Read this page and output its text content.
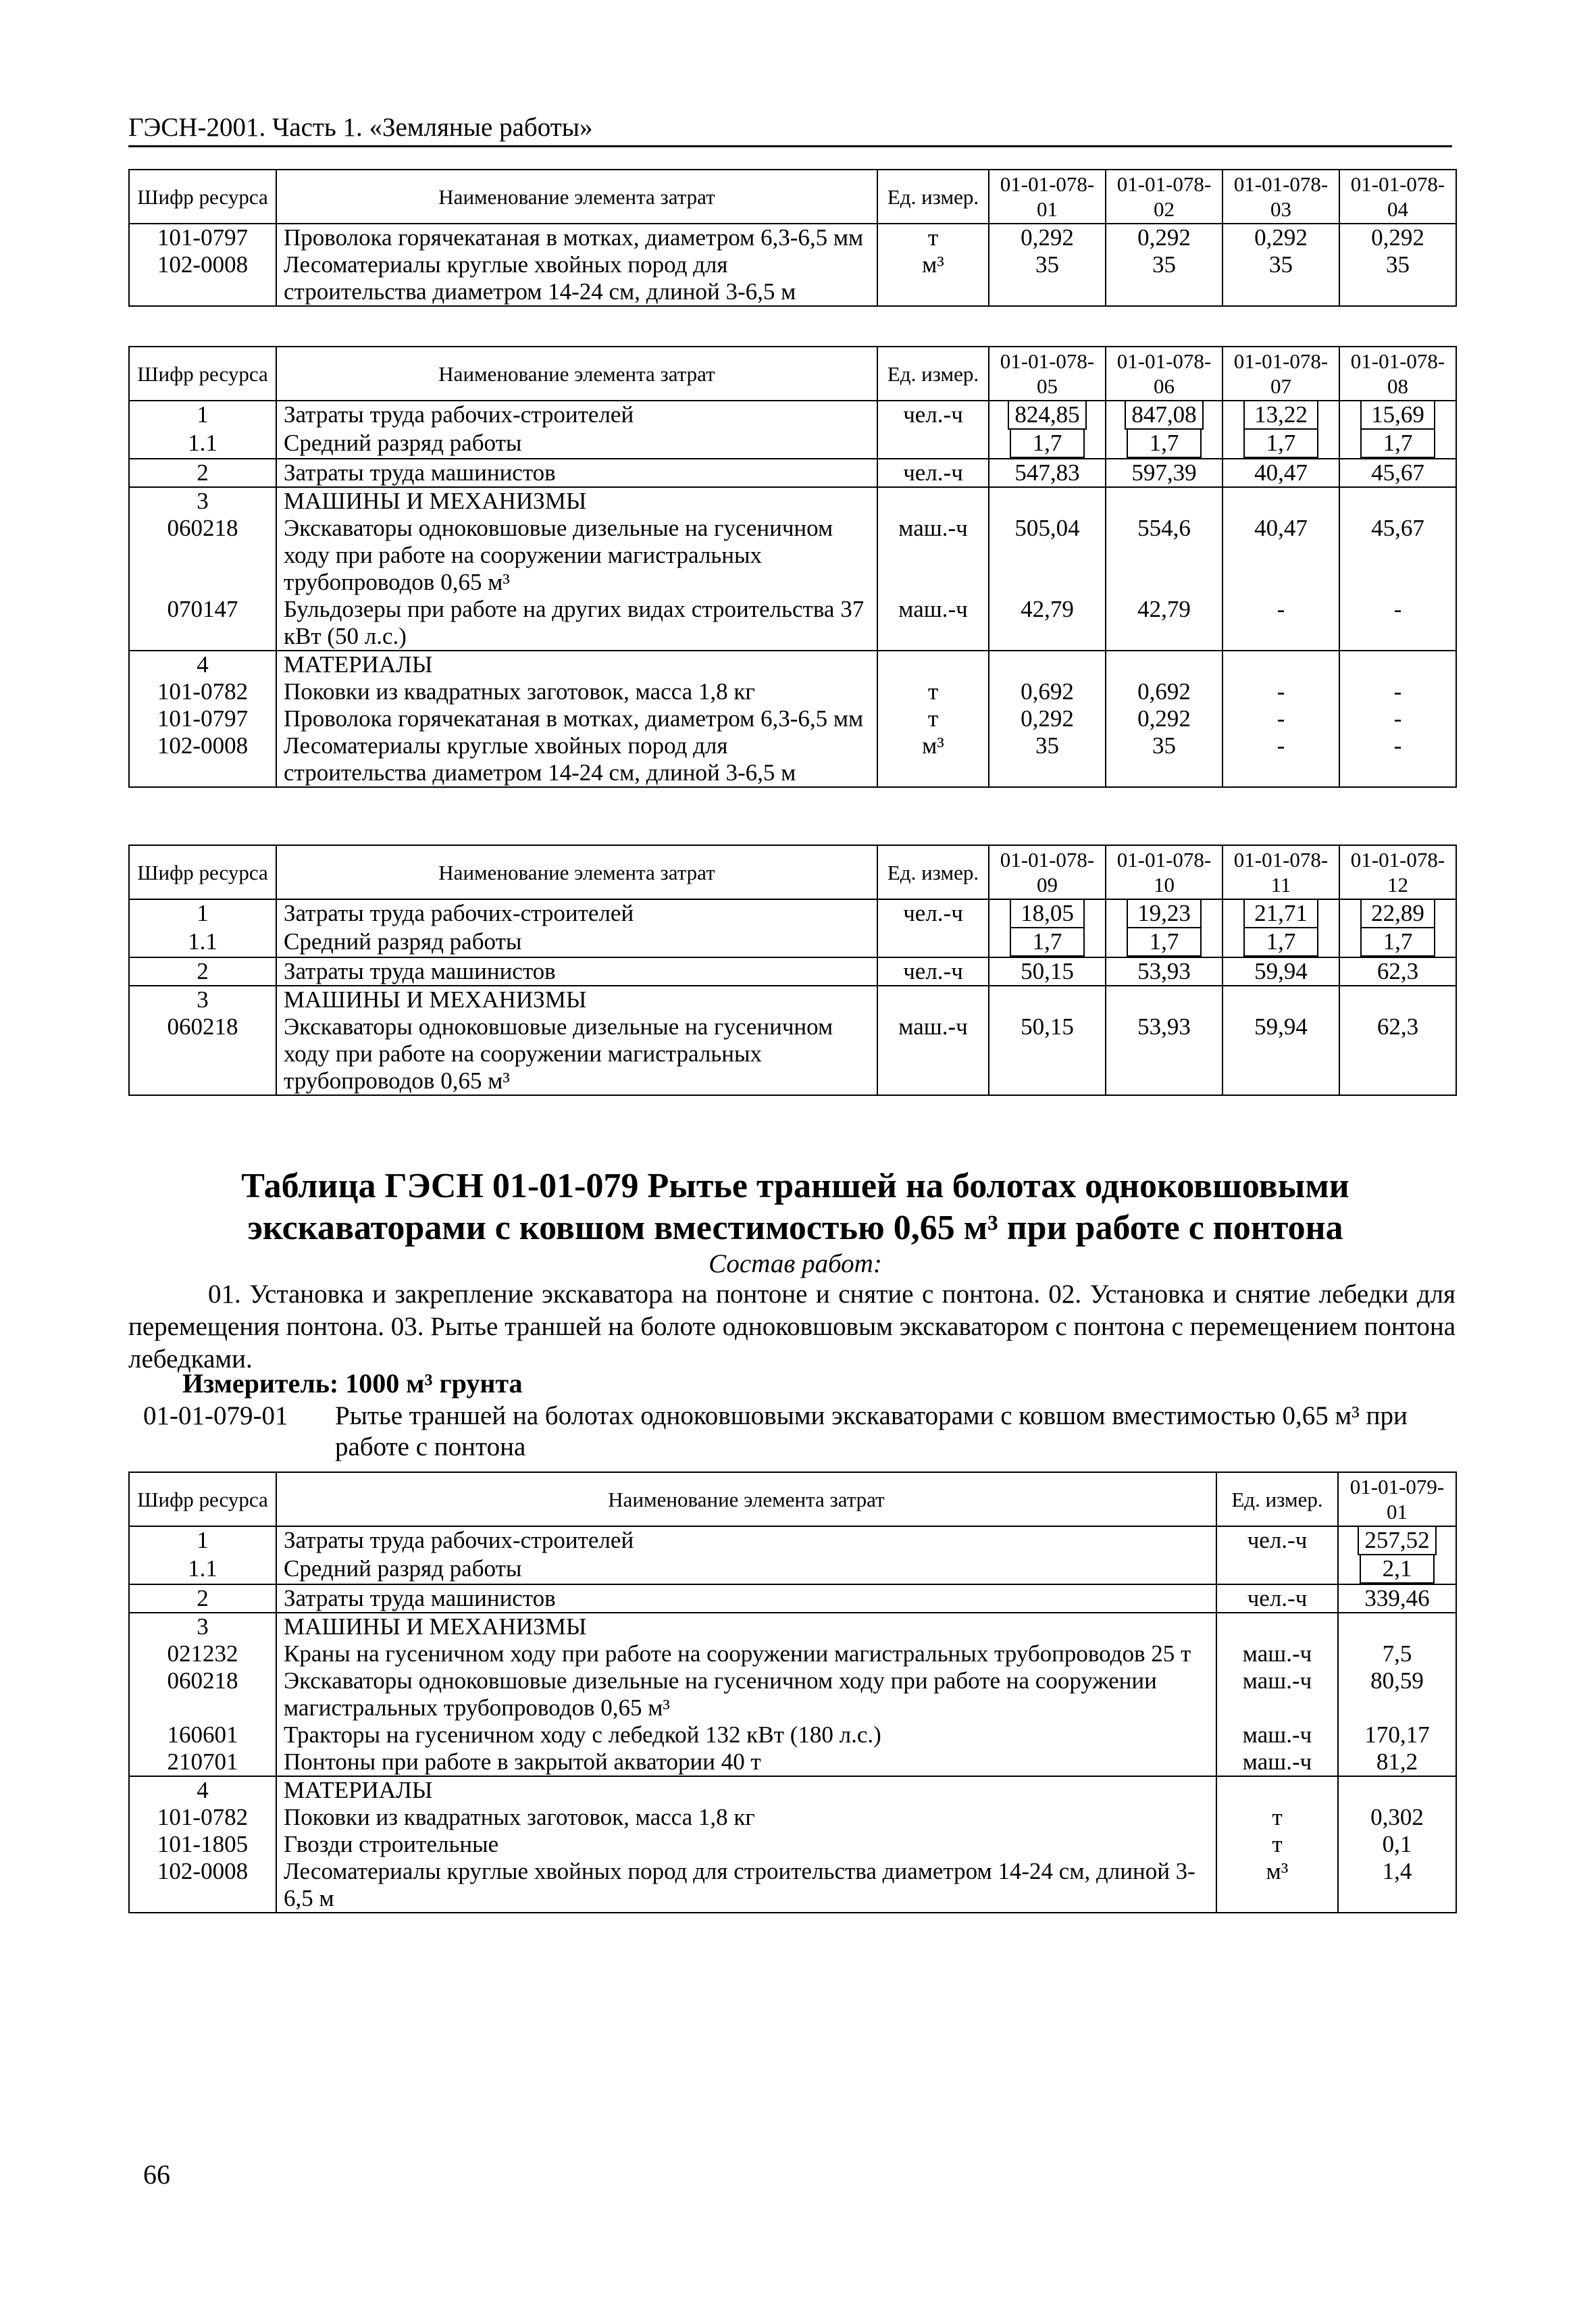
ГЭСН-2001. Часть 1. «Земляные работы»
Шифр ресурса	Наименование элемента затрат	Ед. измер.	01-01-078-01	01-01-078-02	01-01-078-03	01-01-078-04
101-0797	Проволока горячекатаная в мотках, диаметром 6,3-6,5 мм	т	0,292	0,292	0,292	0,292
102-0008	Лесоматериалы круглые хвойных пород для строительства диаметром 14-24 см, длиной 3-6,5 м	м³	35	35	35	35
Шифр ресурса	Наименование элемента затрат	Ед. измер.	01-01-078-05	01-01-078-06	01-01-078-07	01-01-078-08
1	Затраты труда рабочих-строителей	чел.-ч	824,85	847,08	13,22	15,69
1.1	Средний разряд работы		1,7	1,7	1,7	1,7
2	Затраты труда машинистов	чел.-ч	547,83	597,39	40,47	45,67
3	МАШИНЫ И МЕХАНИЗМЫ					
060218	Экскаваторы одноковшовые дизельные на гусеничном ходу при работе на сооружении магистральных трубопроводов 0,65 м³	маш.-ч	505,04	554,6	40,47	45,67
070147	Бульдозеры при работе на других видах строительства 37 кВт (50 л.с.)	маш.-ч	42,79	42,79	-	-
4	МАТЕРИАЛЫ					
101-0782	Поковки из квадратных заготовок, масса 1,8 кг	т	0,692	0,692	-	-
101-0797	Проволока горячекатаная в мотках, диаметром 6,3-6,5 мм	т	0,292	0,292	-	-
102-0008	Лесоматериалы круглые хвойных пород для строительства диаметром 14-24 см, длиной 3-6,5 м	м³	35	35	-	-
Шифр ресурса	Наименование элемента затрат	Ед. измер.	01-01-078-09	01-01-078-10	01-01-078-11	01-01-078-12
1	Затраты труда рабочих-строителей	чел.-ч	18,05	19,23	21,71	22,89
1.1	Средний разряд работы		1,7	1,7	1,7	1,7
2	Затраты труда машинистов	чел.-ч	50,15	53,93	59,94	62,3
3	МАШИНЫ И МЕХАНИЗМЫ					
060218	Экскаваторы одноковшовые дизельные на гусеничном ходу при работе на сооружении магистральных трубопроводов 0,65 м³	маш.-ч	50,15	53,93	59,94	62,3
Таблица ГЭСН 01-01-079 Рытье траншей на болотах одноковшовыми экскаваторами с ковшом вместимостью 0,65 м³ при работе с понтона
Состав работ:
01. Установка и закрепление экскаватора на понтоне и снятие с понтона. 02. Установка и снятие лебедки для перемещения понтона. 03. Рытье траншей на болоте одноковшовым экскаватором с понтона с перемещением понтона лебедками.
Измеритель: 1000 м³ грунта
01-01-079-01 Рытье траншей на болотах одноковшовыми экскаваторами с ковшом вместимостью 0,65 м³ при работе с понтона
Шифр ресурса	Наименование элемента затрат	Ед. измер.	01-01-079-01
1	Затраты труда рабочих-строителей	чел.-ч	257,52
1.1	Средний разряд работы		2,1
2	Затраты труда машинистов	чел.-ч	339,46
3	МАШИНЫ И МЕХАНИЗМЫ		
021232	Краны на гусеничном ходу при работе на сооружении магистральных трубопроводов 25 т	маш.-ч	7,5
060218	Экскаваторы одноковшовые дизельные на гусеничном ходу при работе на сооружении магистральных трубопроводов 0,65 м³	маш.-ч	80,59
160601	Тракторы на гусеничном ходу с лебедкой 132 кВт (180 л.с.)	маш.-ч	170,17
210701	Понтоны при работе в закрытой акватории 40 т	маш.-ч	81,2
4	МАТЕРИАЛЫ		
101-0782	Поковки из квадратных заготовок, масса 1,8 кг	т	0,302
101-1805	Гвозди строительные	т	0,1
102-0008	Лесоматериалы круглые хвойных пород для строительства диаметром 14-24 см, длиной 3-6,5 м	м³	1,4
66
